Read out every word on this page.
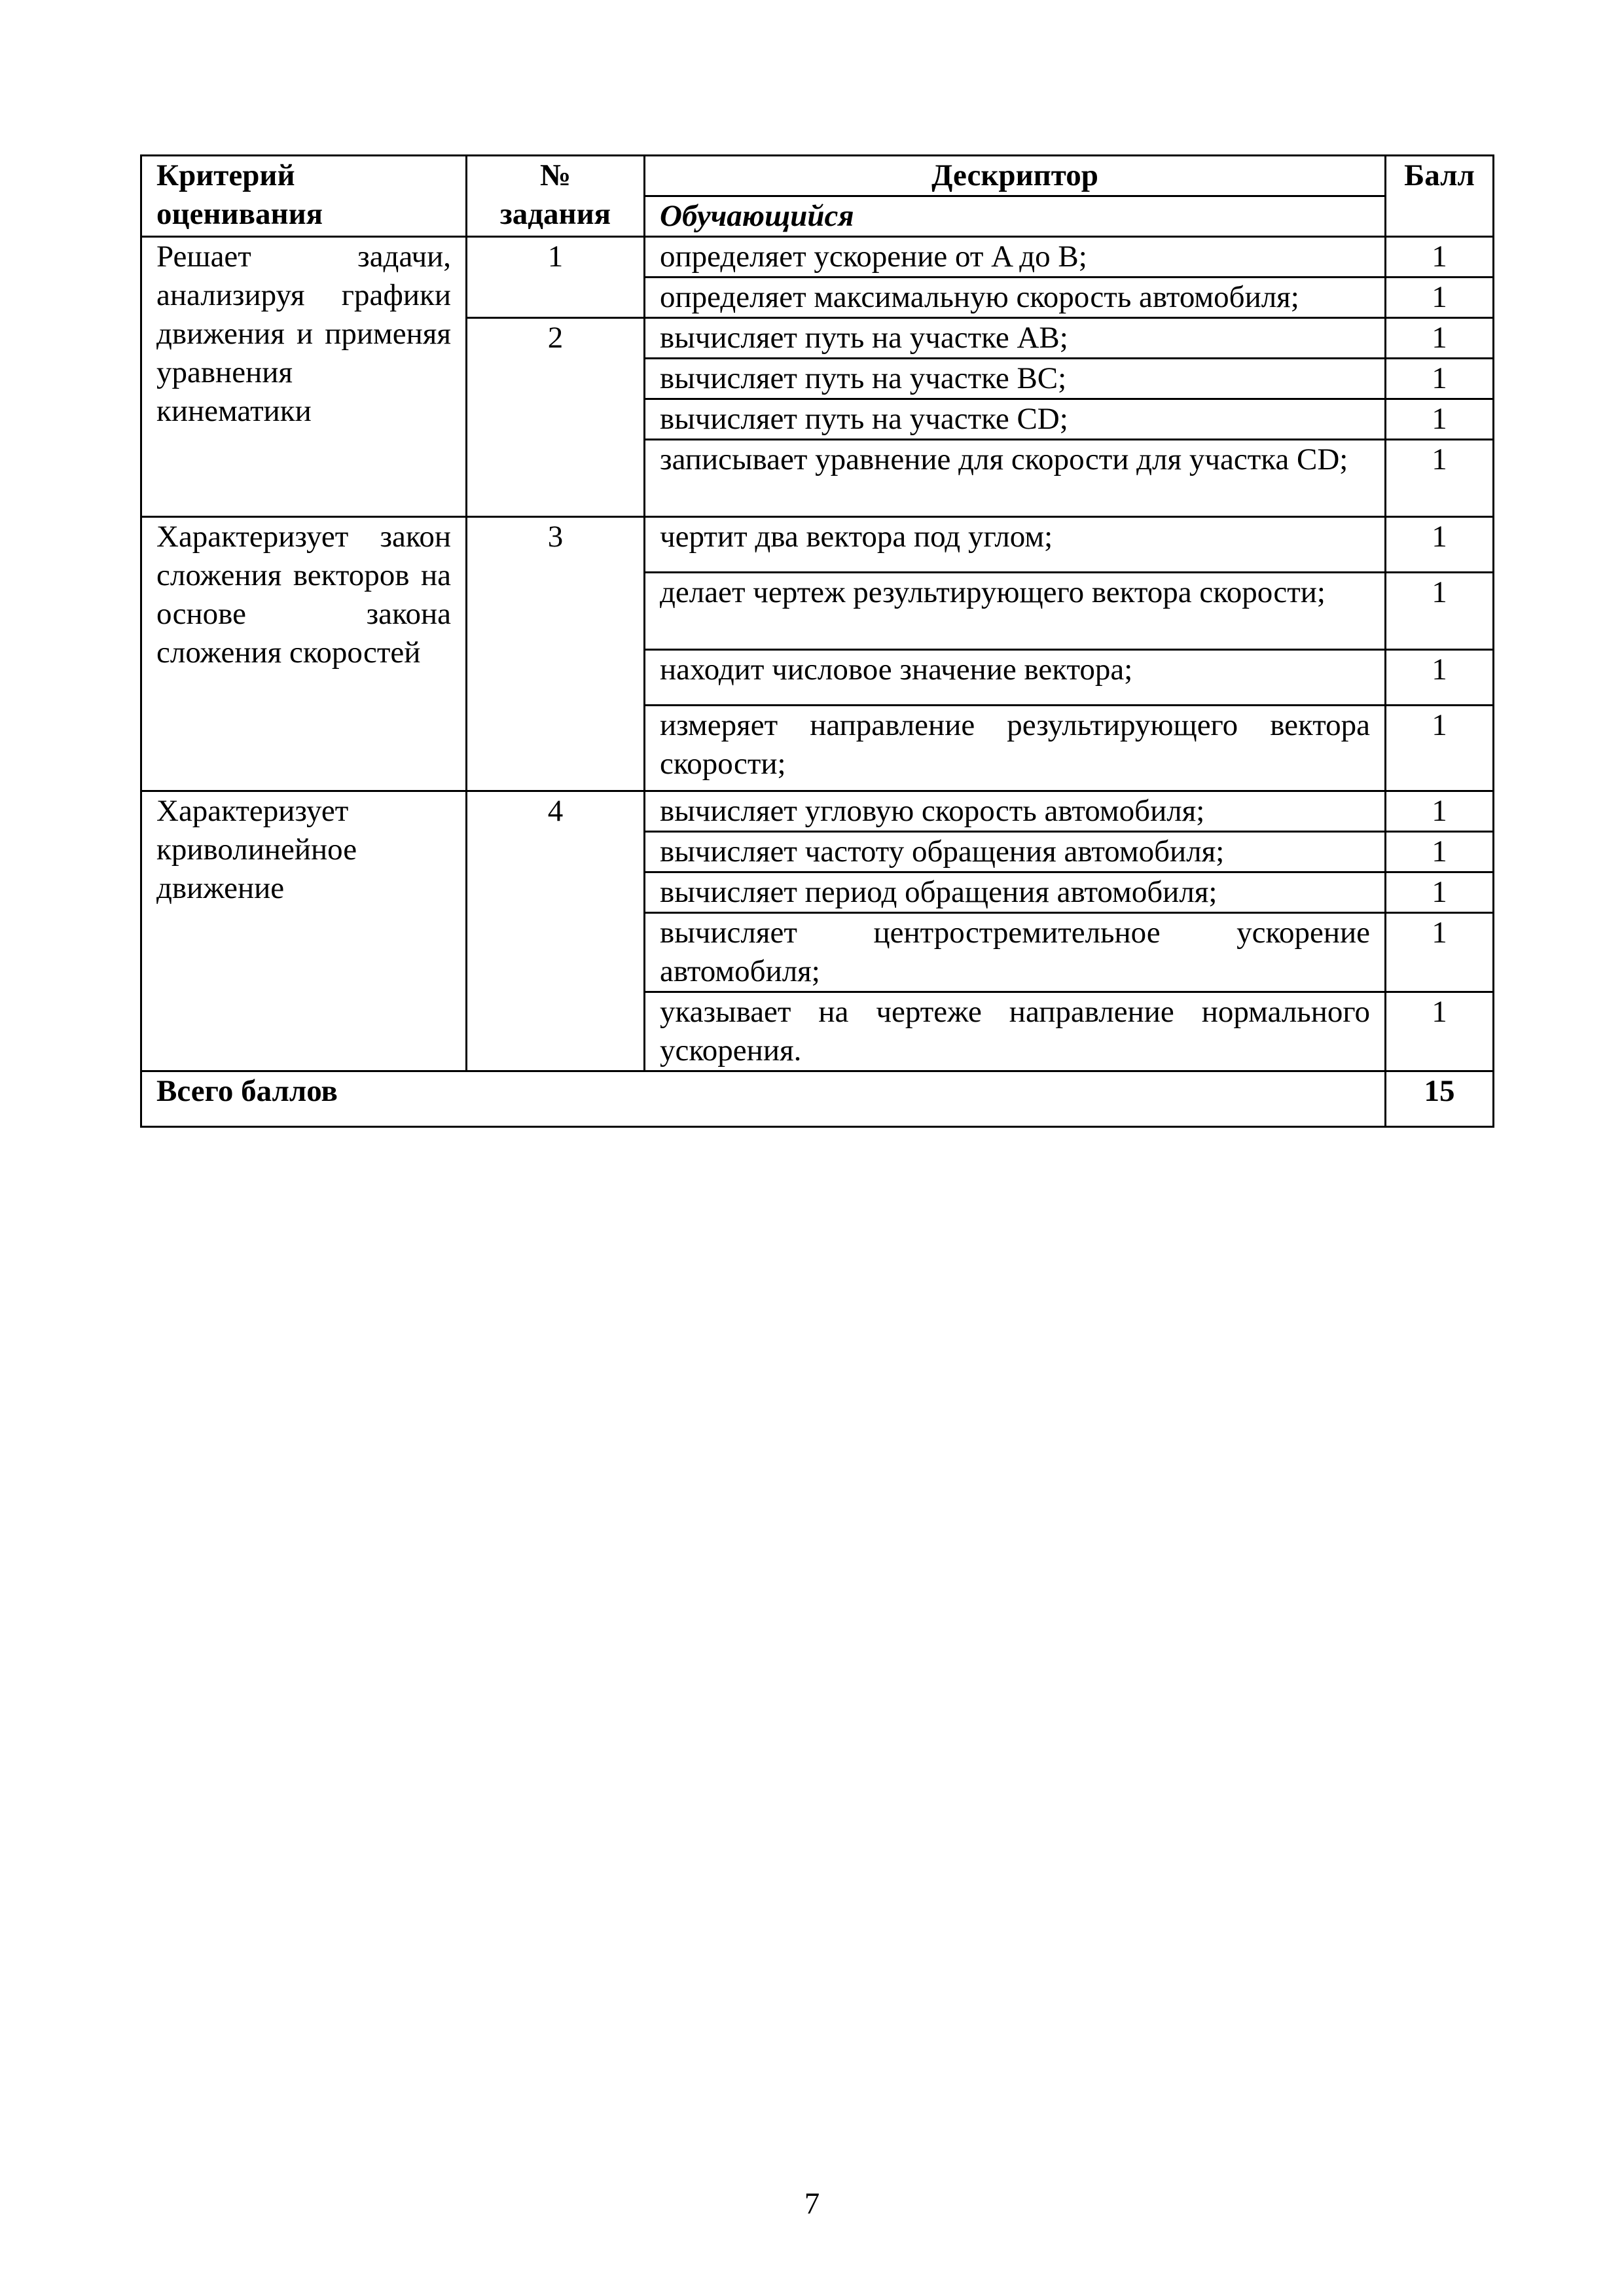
Критерий оценивания	№ задания	Дескриптор	Балл
		Обучающийся	
Решает задачи, анализируя графики движения и применяя уравнения кинематики	1	определяет ускорение от A до B;	1
		определяет максимальную скорость автомобиля;	1
	2	вычисляет путь на участке AB;	1
		вычисляет путь на участке BC;	1
		вычисляет путь на участке CD;	1
		записывает уравнение для скорости для участка CD;	1
Характеризует закон сложения векторов на основе закона сложения скоростей	3	чертит два вектора под углом;	1
		делает чертеж результирующего вектора скорости;	1
		находит числовое значение вектора;	1
		измеряет направление результирующего вектора скорости;	1
Характеризует криволинейное движение	4	вычисляет угловую скорость автомобиля;	1
		вычисляет частоту обращения автомобиля;	1
		вычисляет период обращения автомобиля;	1
		вычисляет центростремительное ускорение автомобиля;	1
		указывает на чертеже направление нормального ускорения.	1
Всего баллов			15
7
